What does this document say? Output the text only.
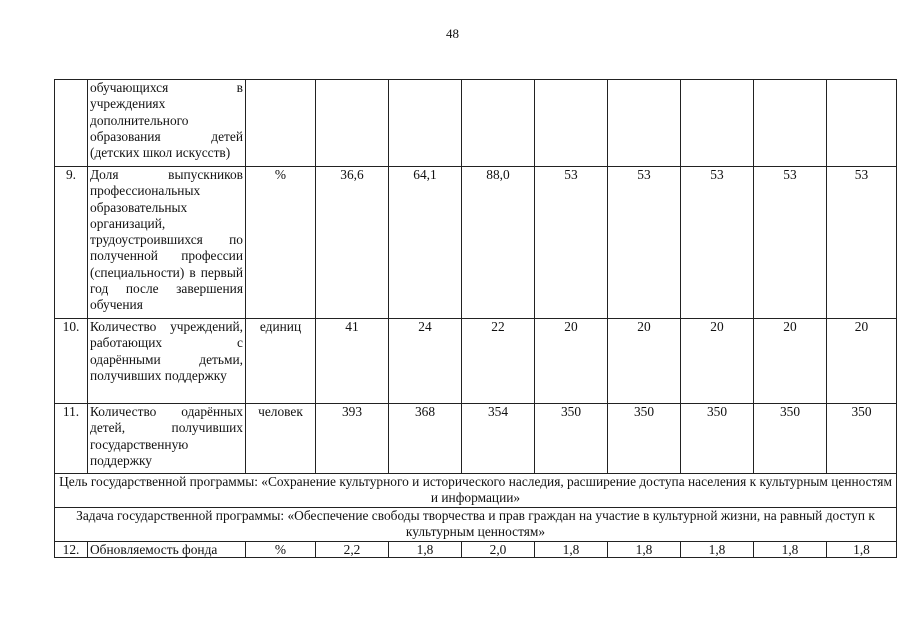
48
	обучающихся в учреждениях дополнительного образования детей (детских школ искусств)									
9.	Доля выпускников профессиональных образовательных организаций, трудоустроившихся по полученной профессии (специальности) в первый год после завершения обучения	%	36,6	64,1	88,0	53	53	53	53	53
10.	Количество учреждений, работающих с одарёнными детьми, получивших поддержку	единиц	41	24	22	20	20	20	20	20
11.	Количество одарённых детей, получивших государственную поддержку	человек	393	368	354	350	350	350	350	350
Цель государственной программы: «Сохранение культурного и исторического наследия, расширение доступа населения к культурным ценностям и информации»										
Задача государственной программы: «Обеспечение свободы творчества и прав граждан на участие в культурной жизни, на равный доступ к культурным ценностям»										
12.	Обновляемость фонда	%	2,2	1,8	2,0	1,8	1,8	1,8	1,8	1,8
